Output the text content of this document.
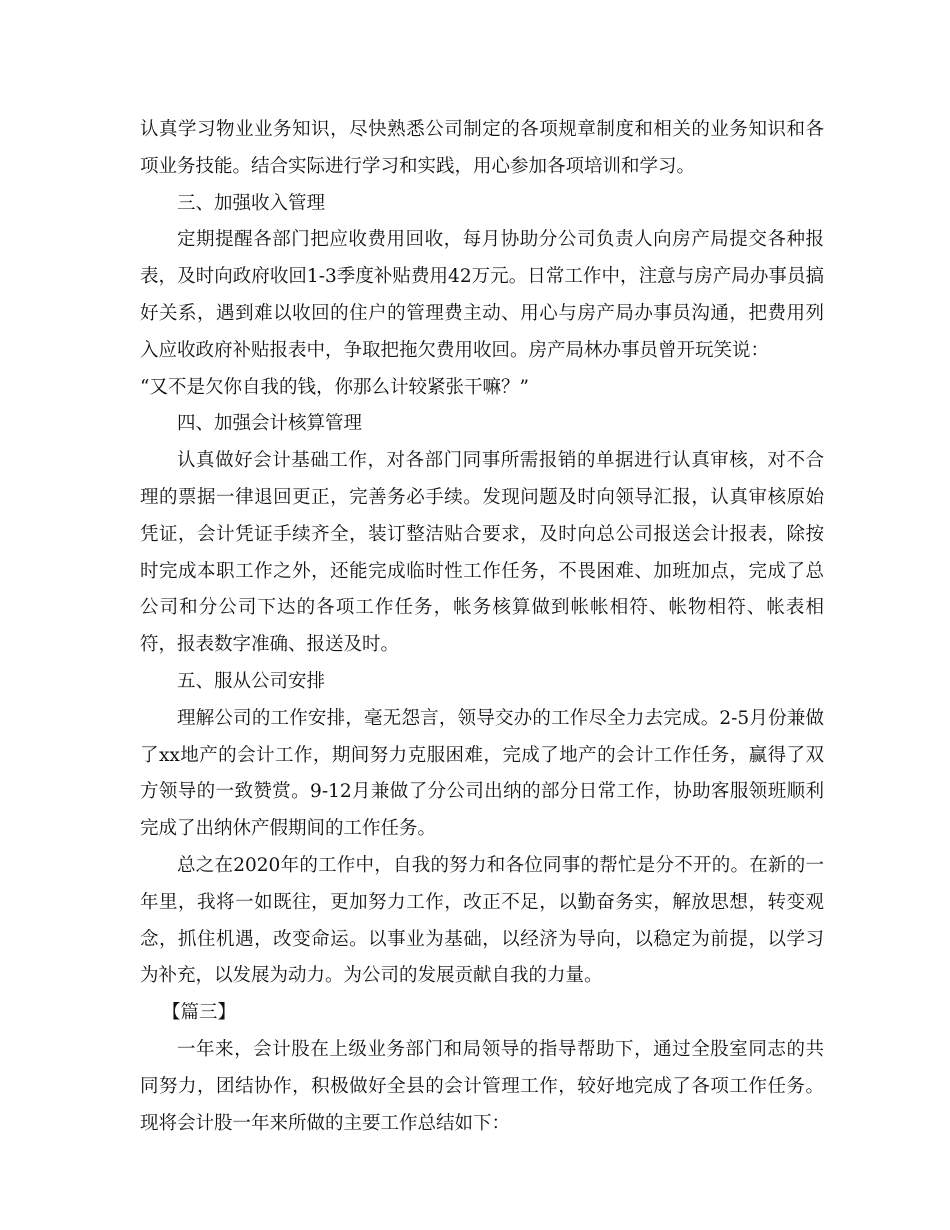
认真学习物业业务知识，尽快熟悉公司制定的各项规章制度和相关的业务知识和各项业务技能。结合实际进行学习和实践，用心参加各项培训和学习。

三、加强收入管理

定期提醒各部门把应收费用回收，每月协助分公司负责人向房产局提交各种报表，及时向政府收回1-3季度补贴费用42万元。日常工作中，注意与房产局办事员搞好关系，遇到难以收回的住户的管理费主动、用心与房产局办事员沟通，把费用列入应收政府补贴报表中，争取把拖欠费用收回。房产局林办事员曾开玩笑说：

“又不是欠你自我的钱，你那么计较紧张干嘛？”

四、加强会计核算管理

认真做好会计基础工作，对各部门同事所需报销的单据进行认真审核，对不合理的票据一律退回更正，完善务必手续。发现问题及时向领导汇报，认真审核原始凭证，会计凭证手续齐全，装订整洁贴合要求，及时向总公司报送会计报表，除按时完成本职工作之外，还能完成临时性工作任务，不畏困难、加班加点，完成了总公司和分公司下达的各项工作任务，帐务核算做到帐帐相符、帐物相符、帐表相符，报表数字准确、报送及时。

五、服从公司安排

理解公司的工作安排，毫无怨言，领导交办的工作尽全力去完成。2-5月份兼做了xx地产的会计工作，期间努力克服困难，完成了地产的会计工作任务，赢得了双方领导的一致赞赏。9-12月兼做了分公司出纳的部分日常工作，协助客服领班顺利完成了出纳休产假期间的工作任务。

总之在2020年的工作中，自我的努力和各位同事的帮忙是分不开的。在新的一年里，我将一如既往，更加努力工作，改正不足，以勤奋务实，解放思想，转变观念，抓住机遇，改变命运。以事业为基础，以经济为导向，以稳定为前提，以学习为补充，以发展为动力。为公司的发展贡献自我的力量。

【篇三】

一年来，会计股在上级业务部门和局领导的指导帮助下，通过全股室同志的共同努力，团结协作，积极做好全县的会计管理工作，较好地完成了各项工作任务。现将会计股一年来所做的主要工作总结如下：
